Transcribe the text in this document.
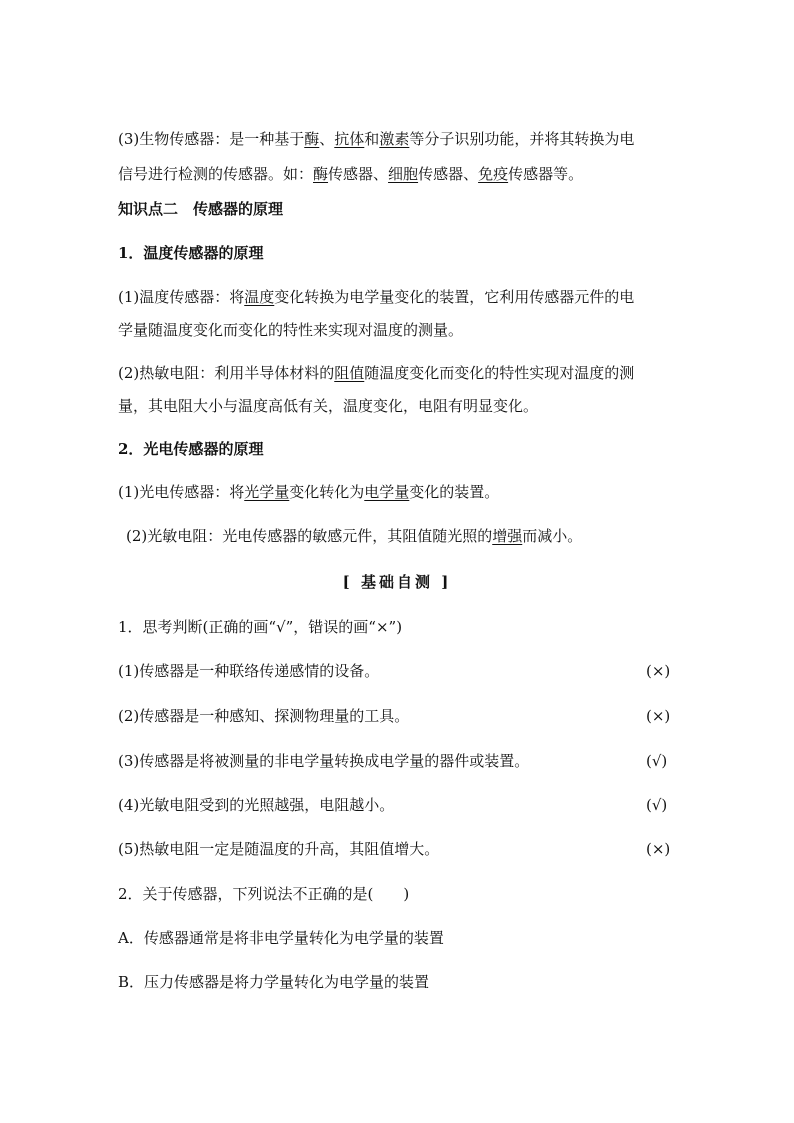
(3)生物传感器：是一种基于酶、抗体和激素等分子识别功能，并将其转换为电
信号进行检测的传感器。如：酶传感器、细胞传感器、免疫传感器等。
知识点二　传感器的原理
1．温度传感器的原理
(1)温度传感器：将温度变化转换为电学量变化的装置，它利用传感器元件的电
学量随温度变化而变化的特性来实现对温度的测量。
(2)热敏电阻：利用半导体材料的阻值随温度变化而变化的特性实现对温度的测
量，其电阻大小与温度高低有关，温度变化，电阻有明显变化。
2．光电传感器的原理
(1)光电传感器：将光学量变化转化为电学量变化的装置。
(2)光敏电阻：光电传感器的敏感元件，其阻值随光照的增强而减小。
[ 基础自测 ]
1．思考判断(正确的画“√”，错误的画“×”)
(1)传感器是一种联络传递感情的设备。	(×)
(2)传感器是一种感知、探测物理量的工具。	(×)
(3)传感器是将被测量的非电学量转换成电学量的器件或装置。	(√)
(4)光敏电阻受到的光照越强，电阻越小。	(√)
(5)热敏电阻一定是随温度的升高，其阻值增大。	(×)
2．关于传感器，下列说法不正确的是(　　)
A．传感器通常是将非电学量转化为电学量的装置
B．压力传感器是将力学量转化为电学量的装置
